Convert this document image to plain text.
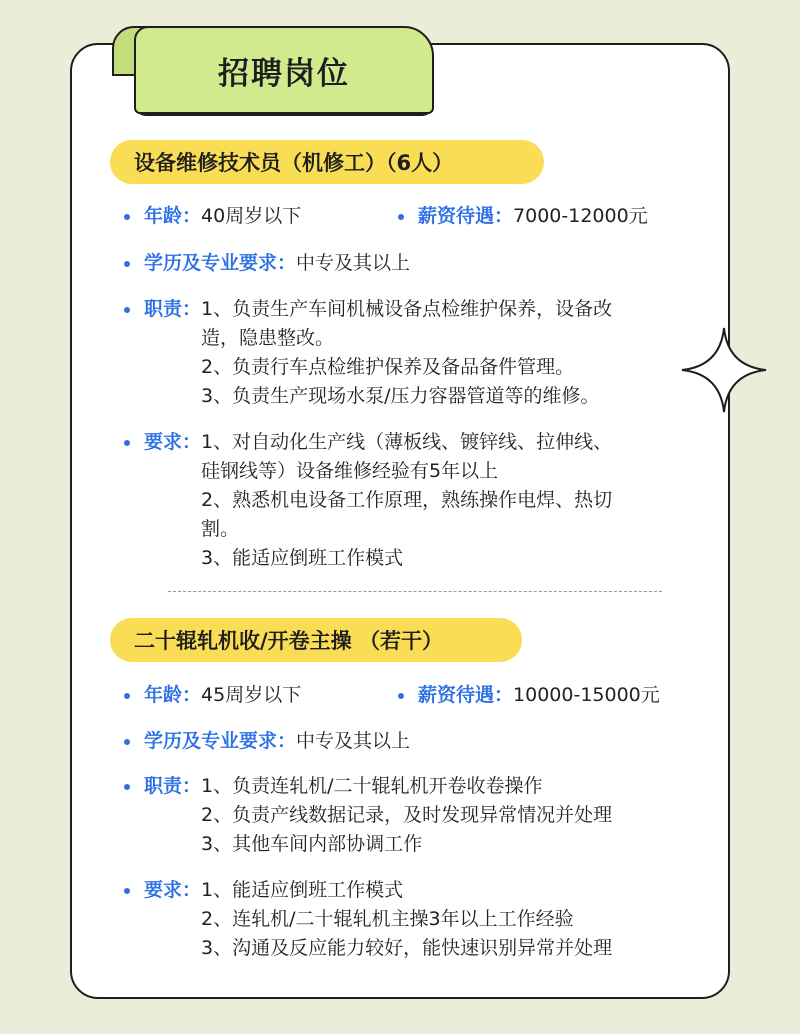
招聘岗位
设备维修技术员（机修工）（6人）
年龄： 40周岁以下	薪资待遇： 7000-12000元
学历及专业要求： 中专及其以上
职责： 1、负责生产车间机械设备点检维护保养，设备改
造，隐患整改。
2、负责行车点检维护保养及备品备件管理。
3、负责生产现场水泵/压力容器管道等的维修。
要求： 1、对自动化生产线（薄板线、镀锌线、拉伸线、
硅钢线等）设备维修经验有5年以上
2、熟悉机电设备工作原理，熟练操作电焊、热切
割。
3、能适应倒班工作模式
二十辊轧机收/开卷主操 （若干）
年龄： 45周岁以下	薪资待遇： 10000-15000元
学历及专业要求： 中专及其以上
职责： 1、负责连轧机/二十辊轧机开卷收卷操作
2、负责产线数据记录，及时发现异常情况并处理
3、其他车间内部协调工作
要求： 1、能适应倒班工作模式
2、连轧机/二十辊轧机主操3年以上工作经验
3、沟通及反应能力较好，能快速识别异常并处理
